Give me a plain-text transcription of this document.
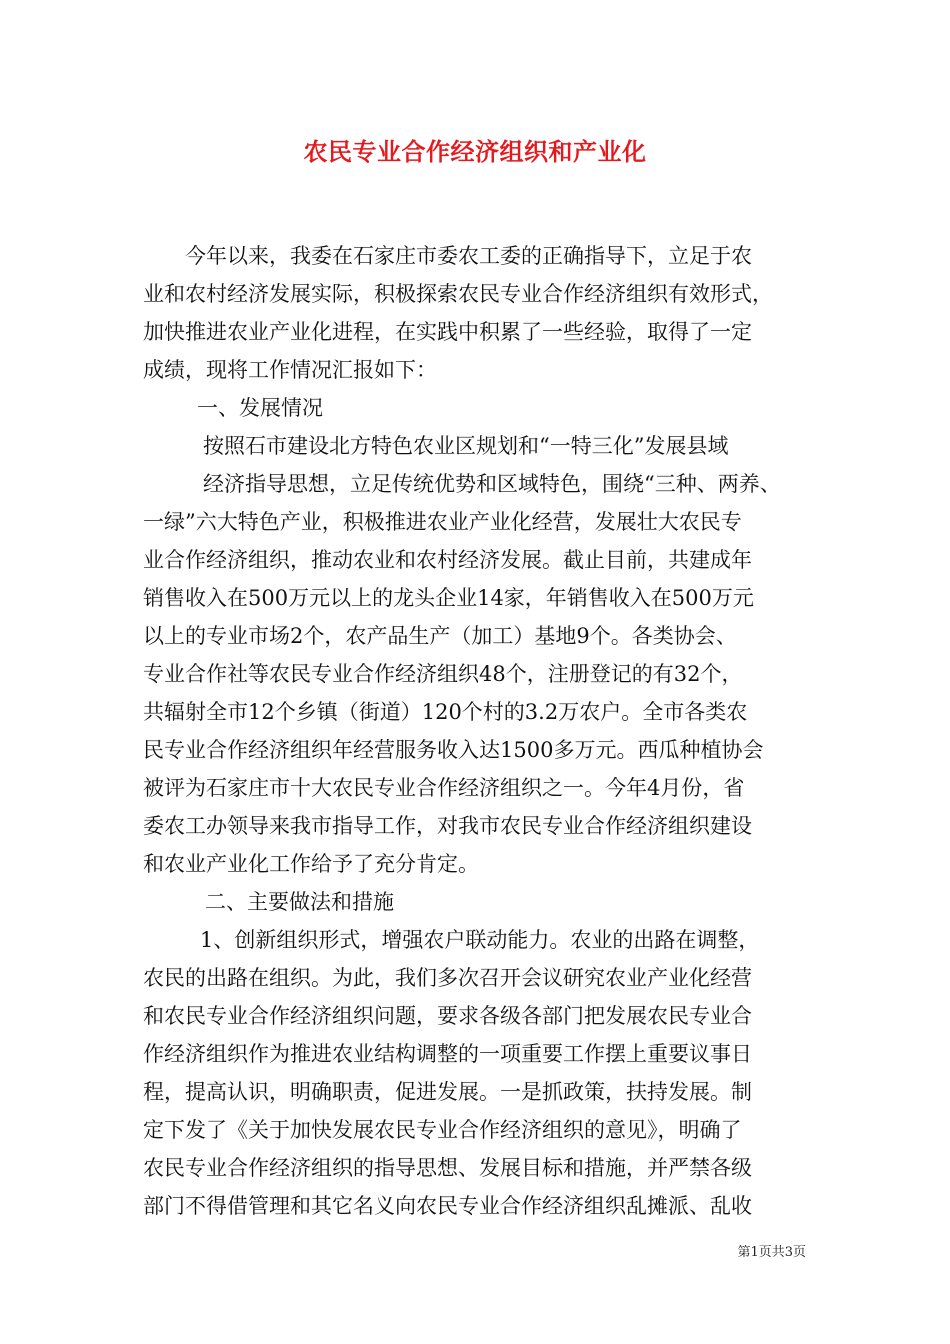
农民专业合作经济组织和产业化
今年以来，我委在石家庄市委农工委的正确指导下，立足于农
业和农村经济发展实际，积极探索农民专业合作经济组织有效形式，
加快推进农业产业化进程，在实践中积累了一些经验，取得了一定
成绩，现将工作情况汇报如下：
一、发展情况
按照石市建设北方特色农业区规划和“一特三化”发展县域
经济指导思想，立足传统优势和区域特色，围绕“三种、两养、
一绿”六大特色产业，积极推进农业产业化经营，发展壮大农民专
业合作经济组织，推动农业和农村经济发展。截止目前，共建成年
销售收入在500万元以上的龙头企业14家，年销售收入在500万元
以上的专业市场2个，农产品生产（加工）基地9个。各类协会、
专业合作社等农民专业合作经济组织48个，注册登记的有32个，
共辐射全市12个乡镇（街道）120个村的3.2万农户。全市各类农
民专业合作经济组织年经营服务收入达1500多万元。西瓜种植协会
被评为石家庄市十大农民专业合作经济组织之一。今年4月份，省
委农工办领导来我市指导工作，对我市农民专业合作经济组织建设
和农业产业化工作给予了充分肯定。
二、主要做法和措施
1、创新组织形式，增强农户联动能力。农业的出路在调整，
农民的出路在组织。为此，我们多次召开会议研究农业产业化经营
和农民专业合作经济组织问题，要求各级各部门把发展农民专业合
作经济组织作为推进农业结构调整的一项重要工作摆上重要议事日
程，提高认识，明确职责，促进发展。一是抓政策，扶持发展。制
定下发了《关于加快发展农民专业合作经济组织的意见》，明确了
农民专业合作经济组织的指导思想、发展目标和措施，并严禁各级
部门不得借管理和其它名义向农民专业合作经济组织乱摊派、乱收
第1页共3页
